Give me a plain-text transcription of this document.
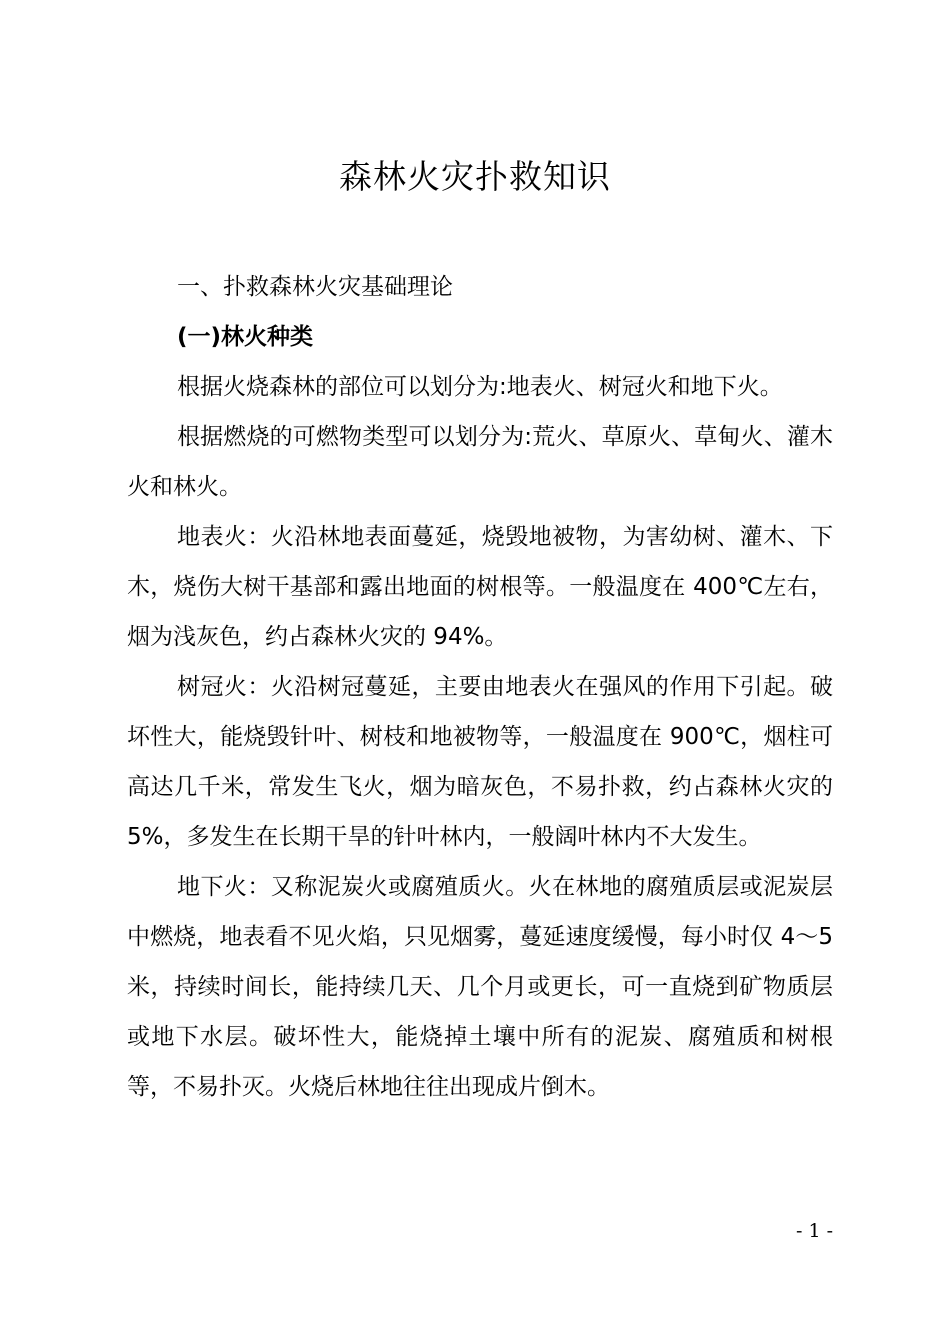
森林火灾扑救知识

一、扑救森林火灾基础理论

(一)林火种类

根据火烧森林的部位可以划分为:地表火、树冠火和地下火。

根据燃烧的可燃物类型可以划分为:荒火、草原火、草甸火、灌木火和林火。

地表火：火沿林地表面蔓延，烧毁地被物，为害幼树、灌木、下木，烧伤大树干基部和露出地面的树根等。一般温度在 400℃左右，烟为浅灰色，约占森林火灾的 94%。

树冠火：火沿树冠蔓延，主要由地表火在强风的作用下引起。破坏性大，能烧毁针叶、树枝和地被物等，一般温度在 900℃，烟柱可高达几千米，常发生飞火，烟为暗灰色，不易扑救，约占森林火灾的 5%，多发生在长期干旱的针叶林内，一般阔叶林内不大发生。

地下火：又称泥炭火或腐殖质火。火在林地的腐殖质层或泥炭层中燃烧，地表看不见火焰，只见烟雾，蔓延速度缓慢，每小时仅 4～5 米，持续时间长，能持续几天、几个月或更长，可一直烧到矿物质层或地下水层。破坏性大，能烧掉土壤中所有的泥炭、腐殖质和树根等，不易扑灭。火烧后林地往往出现成片倒木。

- 1 -
